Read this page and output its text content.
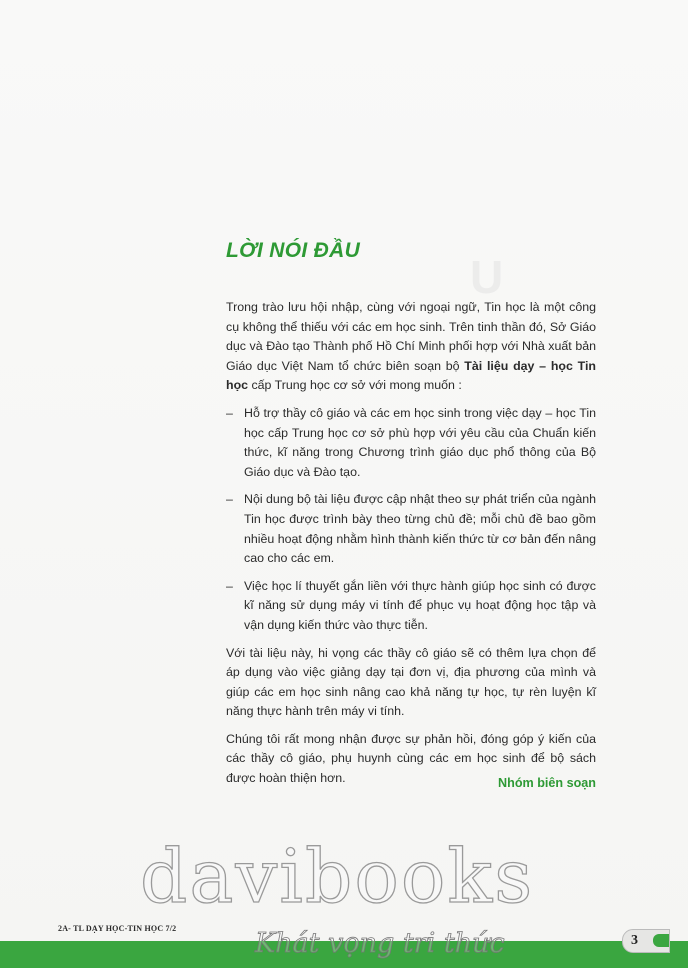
U
LỜI NÓI ĐẦU

Trong trào lưu hội nhập, cùng với ngoại ngữ, Tin học là một công cụ không thể thiếu với các em học sinh. Trên tinh thần đó, Sở Giáo dục và Đào tạo Thành phố Hồ Chí Minh phối hợp với Nhà xuất bản Giáo dục Việt Nam tổ chức biên soạn bộ Tài liệu dạy – học Tin học cấp Trung học cơ sở với mong muốn :

– Hỗ trợ thầy cô giáo và các em học sinh trong việc dạy – học Tin học cấp Trung học cơ sở phù hợp với yêu cầu của Chuẩn kiến thức, kĩ năng trong Chương trình giáo dục phổ thông của Bộ Giáo dục và Đào tạo.
– Nội dung bộ tài liệu được cập nhật theo sự phát triển của ngành Tin học được trình bày theo từng chủ đề; mỗi chủ đề bao gồm nhiều hoạt động nhằm hình thành kiến thức từ cơ bản đến nâng cao cho các em.
– Việc học lí thuyết gắn liền với thực hành giúp học sinh có được kĩ năng sử dụng máy vi tính để phục vụ hoạt động học tập và vận dụng kiến thức vào thực tiễn.

Với tài liệu này, hi vọng các thầy cô giáo sẽ có thêm lựa chọn để áp dụng vào việc giảng dạy tại đơn vị, địa phương của mình và giúp các em học sinh nâng cao khả năng tự học, tự rèn luyện kĩ năng thực hành trên máy vi tính.

Chúng tôi rất mong nhận được sự phản hồi, đóng góp ý kiến của các thầy cô giáo, phụ huynh cùng các em học sinh để bộ sách được hoàn thiện hơn.	Nhóm biên soạn
davibooks
2A- TL DẠY HỌC-TIN HỌC 7/2	Khát vọng tri thức	3
